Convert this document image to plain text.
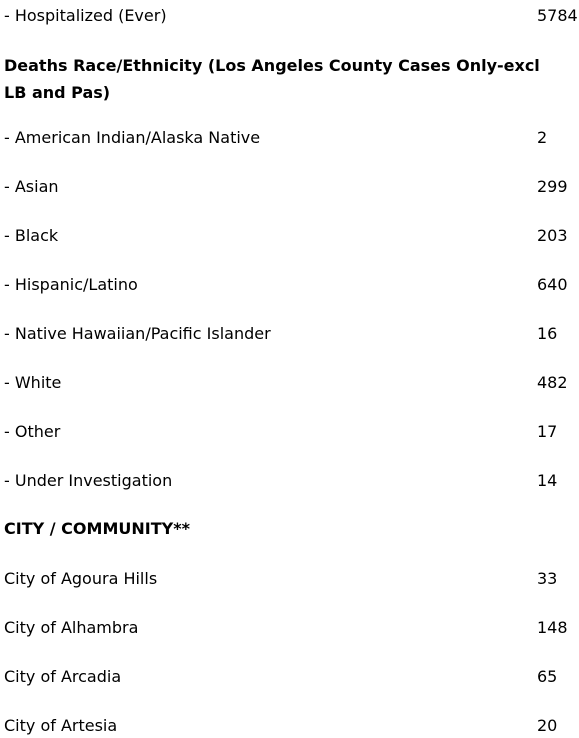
- Hospitalized (Ever)	5784
Deaths Race/Ethnicity (Los Angeles County Cases Only-excl LB and Pas)
- American Indian/Alaska Native	2
- Asian	299
- Black	203
- Hispanic/Latino	640
- Native Hawaiian/Pacific Islander	16
- White	482
- Other	17
- Under Investigation	14
CITY / COMMUNITY**
City of Agoura Hills	33
City of Alhambra	148
City of Arcadia	65
City of Artesia	20
